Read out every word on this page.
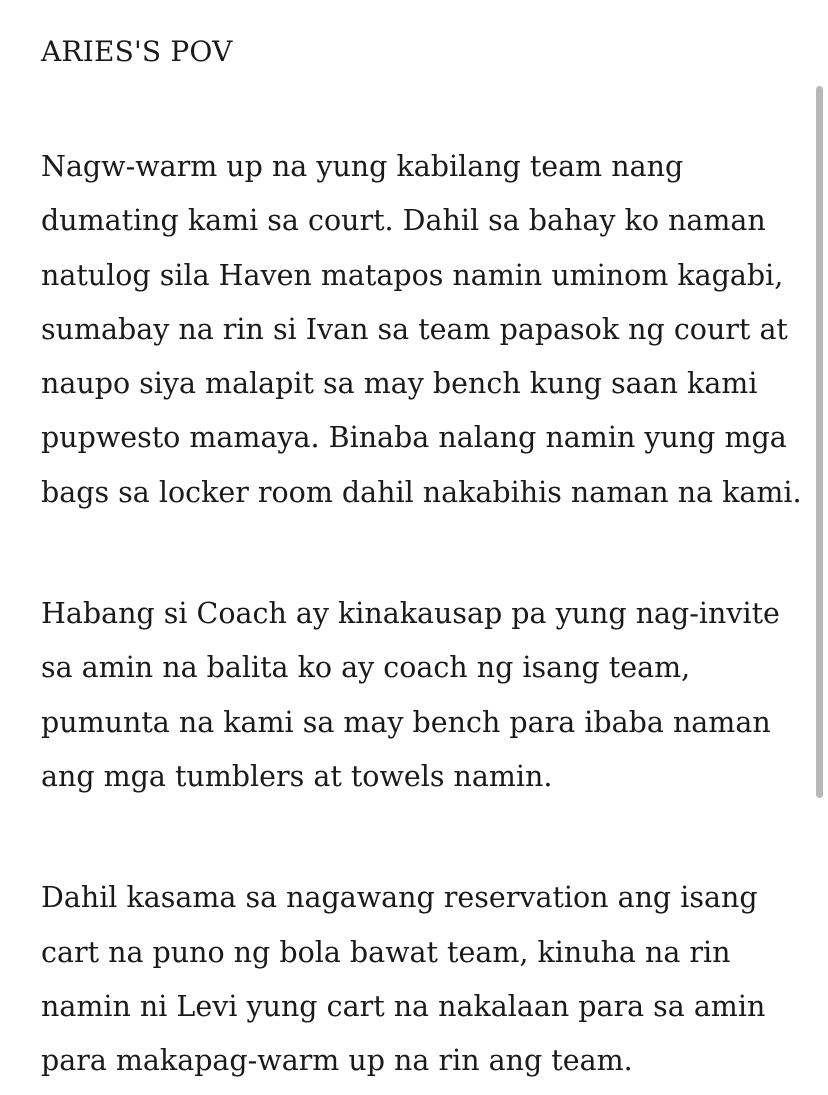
ARIES'S POV
Nagw-warm up na yung kabilang team nang
dumating kami sa court. Dahil sa bahay ko naman
natulog sila Haven matapos namin uminom kagabi,
sumabay na rin si Ivan sa team papasok ng court at
naupo siya malapit sa may bench kung saan kami
pupwesto mamaya. Binaba nalang namin yung mga
bags sa locker room dahil nakabihis naman na kami.
Habang si Coach ay kinakausap pa yung nag-invite
sa amin na balita ko ay coach ng isang team,
pumunta na kami sa may bench para ibaba naman
ang mga tumblers at towels namin.
Dahil kasama sa nagawang reservation ang isang
cart na puno ng bola bawat team, kinuha na rin
namin ni Levi yung cart na nakalaan para sa amin
para makapag-warm up na rin ang team.
